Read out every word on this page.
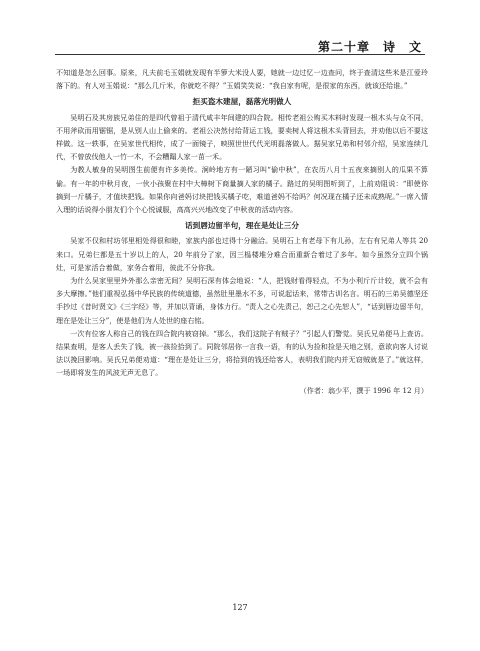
第二十章　诗　文

不知道是怎么回事。原来，凡夫前毛玉娟就发现有半箩大米没人要，她就一边过忆一边查问，终于查清这些米是江爱玲落下的。有人对玉娟说：“那么几斤米，你就吃不得？”玉娟笑笑说：“我自家有呢，是很家的东西，就该还给谁。”

拒买盗木建屋，磊落光明做人

吴明石及其房族兄弟住的是四代曾祖于清代咸丰年间建的四合院。相传老祖公购买木料时发现一根木头与众不同，不用斧砍而用锯锯，是从别人山上偷来的。老祖公决然付给背运工钱，要卖树人将这根木头背回去，并劝他以后不要这样做。这一轶事，在吴家世代相传，成了一面镜子，映照世世代代光明磊落做人。据吴家兄弟和村邻介绍，吴家连续几代，不曾放伐他人一竹一木，不会糟蹋人家一苗一禾。

为教人敏身的吴明图生前便有许多美传。涧岭地方有一陋习叫“偷中秋”，在农历八月十五夜来摘别人的瓜果不算偷。有一年的中秋月夜，一伙小孩聚在村中大樟树下商量摘人家的橘子。路过的吴明图听到了，上前劝阻说：“即使你摘到一斤橘子，才值块把钱。如果你向爸妈讨块把钱买橘子吃，难道爸妈不给吗？何况现在橘子还未成熟呢。”一席入情入理的话说得小朋友们个个心悦诚服，高高兴兴地改变了中秋夜的活动内容。

话到唇边留半句，理在是处让三分

吴家不仅和村坊邻里相处得很和睦，家族内部也过得十分融洽。吴明石上有老母下有儿孙，左右有兄弟人等共 20 来口。兄弟仨都是五十岁以上的人，20 年前分了家，因三榀楼堆分难合而重新合着过了多年。如今虽然分立四个锅灶，可是家活合着做，家务合着用，彼此不分你我。

为什么吴家里里外外那么亲密无间？吴明石深有体会地说：“人，把钱财看得轻点，不为小利斤斤计较，就不会有多大摩擦。”他们重视弘扬中华民族的传统道德，虽然肚里墨水不多，可说起话来，常带古训名言。明石的三弟吴德坚还手抄过《昔时贤文》《三字经》等，并加以背诵，身体力行。“责人之心先责己，恕己之心先恕人”，“话到唇边留半句，理在是处让三分”，使是他们为人处世的座右铭。

一次有位客人称自己的钱在四合院内被窃掉。“那么，我们这院子有贼子？”引起人们警觉。吴氏兄弟便马上查访。结果查明，是客人丢失了钱，被一孩捡拾到了。同院邻居你一言我一语，有的认为捡和捡是天地之别，意欲向客人讨说法以挽回影响。吴氏兄弟便劝道：“理在是处让三分，将拾到的钱还给客人，表明我们院内并无窃贼就是了。”就这样，一场即将发生的风波无声无息了。

（作者：翁少平，撰于 1996 年 12 月）
127
